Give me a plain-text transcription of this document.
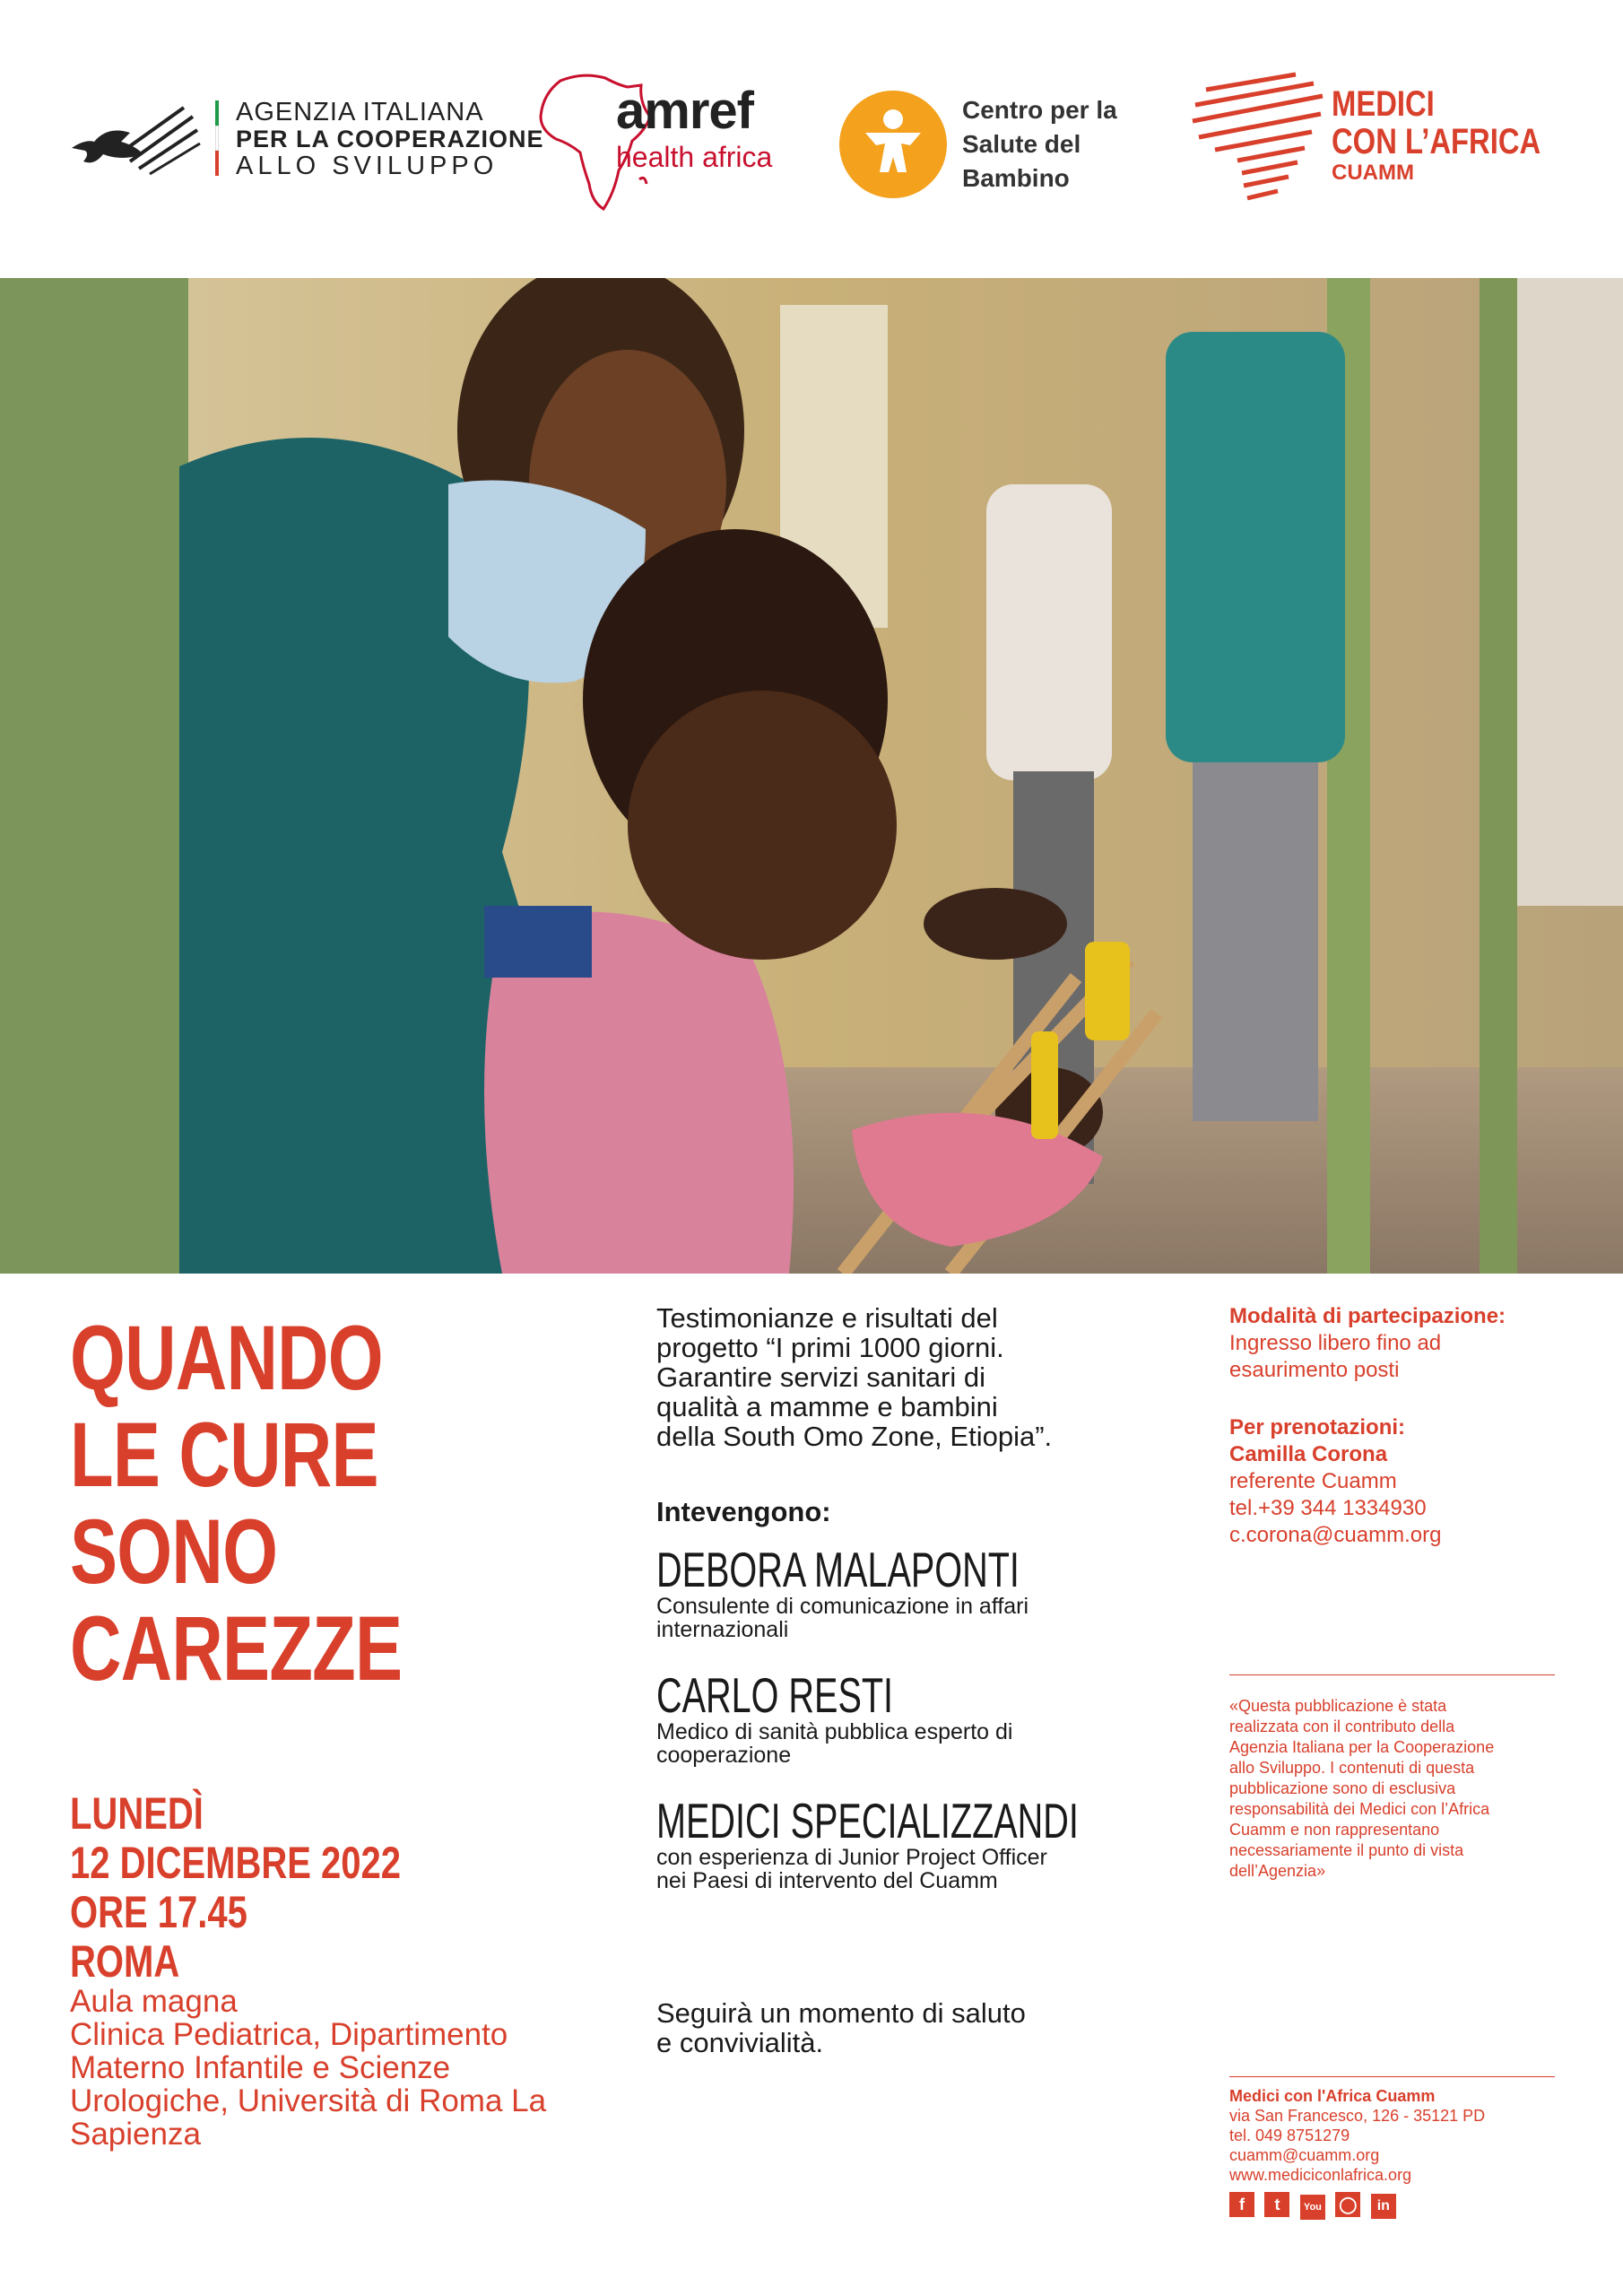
AGENZIA ITALIANA
PER LA COOPERAZIONE
ALLO SVILUPPO
amref
health africa
Centro per la
Salute del
Bambino
MEDICI
CON L’AFRICA
CUAMM
QUANDO
LE CURE
SONO
CAREZZE
LUNEDÌ
12 DICEMBRE 2022
ORE 17.45
ROMA
Aula magna
Clinica Pediatrica, Dipartimento
Materno Infantile e Scienze
Urologiche, Università di Roma La
Sapienza
Testimonianze e risultati del
progetto “I primi 1000 giorni.
Garantire servizi sanitari di
qualità a mamme e bambini
della South Omo Zone, Etiopia”.
Intevengono:
DEBORA MALAPONTI
Consulente di comunicazione in affari
internazionali
CARLO RESTI
Medico di sanità pubblica esperto di
cooperazione
MEDICI SPECIALIZZANDI
con esperienza di Junior Project Officer
nei Paesi di intervento del Cuamm
Seguirà un momento di saluto
e convivialità.
Modalità di partecipazione:
Ingresso libero fino ad
esaurimento posti
Per prenotazioni:
Camilla Corona
referente Cuamm
tel.+39 344 1334930
c.corona@cuamm.org
«Questa pubblicazione è stata
realizzata con il contributo della
Agenzia Italiana per la Cooperazione
allo Sviluppo. I contenuti di questa
pubblicazione sono di esclusiva
responsabilità dei Medici con l’Africa
Cuamm e non rappresentano
necessariamente il punto di vista
dell’Agenzia»
Medici con l'Africa Cuamm
via San Francesco, 126 - 35121 PD
tel. 049 8751279
cuamm@cuamm.org
www.mediciconlafrica.org
f t You ◯ in
